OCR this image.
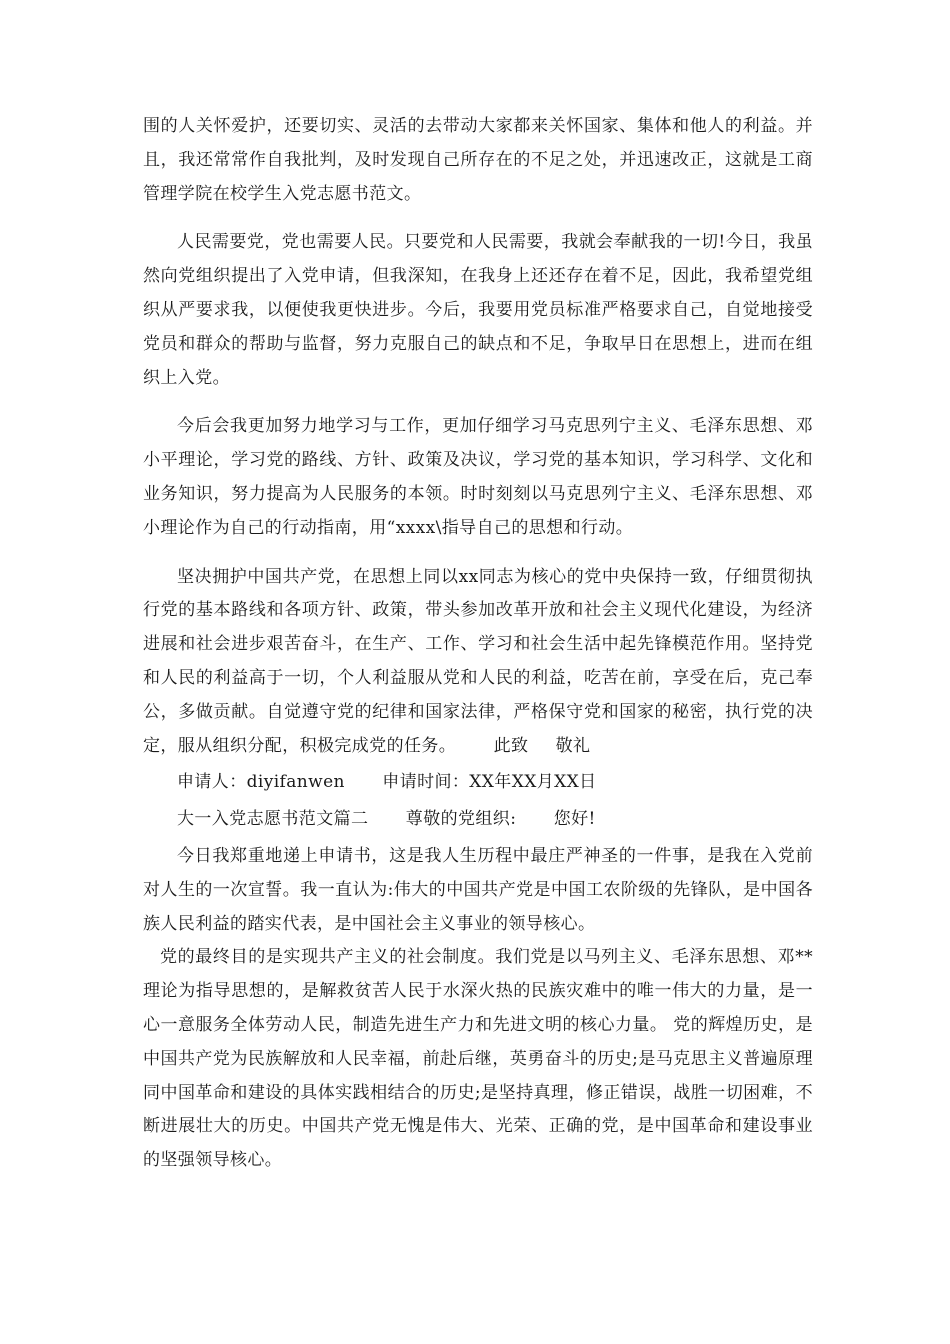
围的人关怀爱护，还要切实、灵活的去带动大家都来关怀国家、集体和他人的利益。并且，我还常常作自我批判，及时发现自己所存在的不足之处，并迅速改正，这就是工商管理学院在校学生入党志愿书范文。

人民需要党，党也需要人民。只要党和人民需要，我就会奉献我的一切!今日，我虽然向党组织提出了入党申请，但我深知，在我身上还还存在着不足，因此，我希望党组织从严要求我，以便使我更快进步。今后，我要用党员标准严格要求自己，自觉地接受党员和群众的帮助与监督，努力克服自己的缺点和不足，争取早日在思想上，进而在组织上入党。

今后会我更加努力地学习与工作，更加仔细学习马克思列宁主义、毛泽东思想、邓小平理论，学习党的路线、方针、政策及决议，学习党的基本知识，学习科学、文化和业务知识，努力提高为人民服务的本领。时时刻刻以马克思列宁主义、毛泽东思想、邓小理论作为自己的行动指南，用“xxxx\指导自己的思想和行动。

坚决拥护中国共产党，在思想上同以xx同志为核心的党中央保持一致，仔细贯彻执行党的基本路线和各项方针、政策，带头参加改革开放和社会主义现代化建设，为经济进展和社会进步艰苦奋斗，在生产、工作、学习和社会生活中起先锋模范作用。坚持党和人民的利益高于一切，个人利益服从党和人民的利益，吃苦在前，享受在后，克己奉公，多做贡献。自觉遵守党的纪律和国家法律，严格保守党和国家的秘密，执行党的决定，服从组织分配，积极完成党的任务。 此致 敬礼

申请人：diyifanwen 申请时间：XX年XX月XX日

大一入党志愿书范文篇二 尊敬的党组织: 您好!

今日我郑重地递上申请书，这是我人生历程中最庄严神圣的一件事，是我在入党前对人生的一次宣誓。我一直认为:伟大的中国共产党是中国工农阶级的先锋队，是中国各族人民利益的踏实代表，是中国社会主义事业的领导核心。

党的最终目的是实现共产主义的社会制度。我们党是以马列主义、毛泽东思想、邓**理论为指导思想的，是解救贫苦人民于水深火热的民族灾难中的唯一伟大的力量，是一心一意服务全体劳动人民，制造先进生产力和先进文明的核心力量。 党的辉煌历史，是中国共产党为民族解放和人民幸福，前赴后继，英勇奋斗的历史;是马克思主义普遍原理同中国革命和建设的具体实践相结合的历史;是坚持真理，修正错误，战胜一切困难，不断进展壮大的历史。中国共产党无愧是伟大、光荣、正确的党，是中国革命和建设事业的坚强领导核心。
